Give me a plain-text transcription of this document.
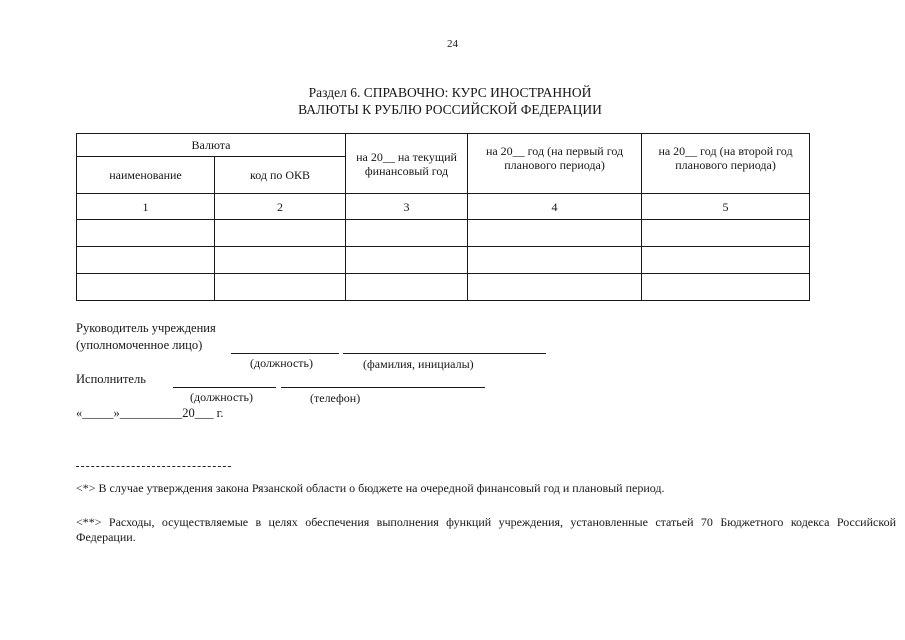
24
Раздел 6. СПРАВОЧНО: КУРС ИНОСТРАННОЙ
ВАЛЮТЫ К РУБЛЮ РОССИЙСКОЙ ФЕДЕРАЦИИ
Валюта		на 20__ на текущий финансовый год	на 20__ год (на первый год планового периода)	на 20__ год (на второй год планового периода)
наименование	код по ОКВ			
1	2	3	4	5

Руководитель учреждения
(уполномоченное лицо)
(должность)	(фамилия, инициалы)
Исполнитель
(должность)	(телефон)
«_____»__________20___ г.
<*> В случае утверждения закона Рязанской области о бюджете на очередной финансовый год и плановый период.
<**> Расходы, осуществляемые в целях обеспечения выполнения функций учреждения, установленные статьей 70 Бюджетного кодекса Российской Федерации.
